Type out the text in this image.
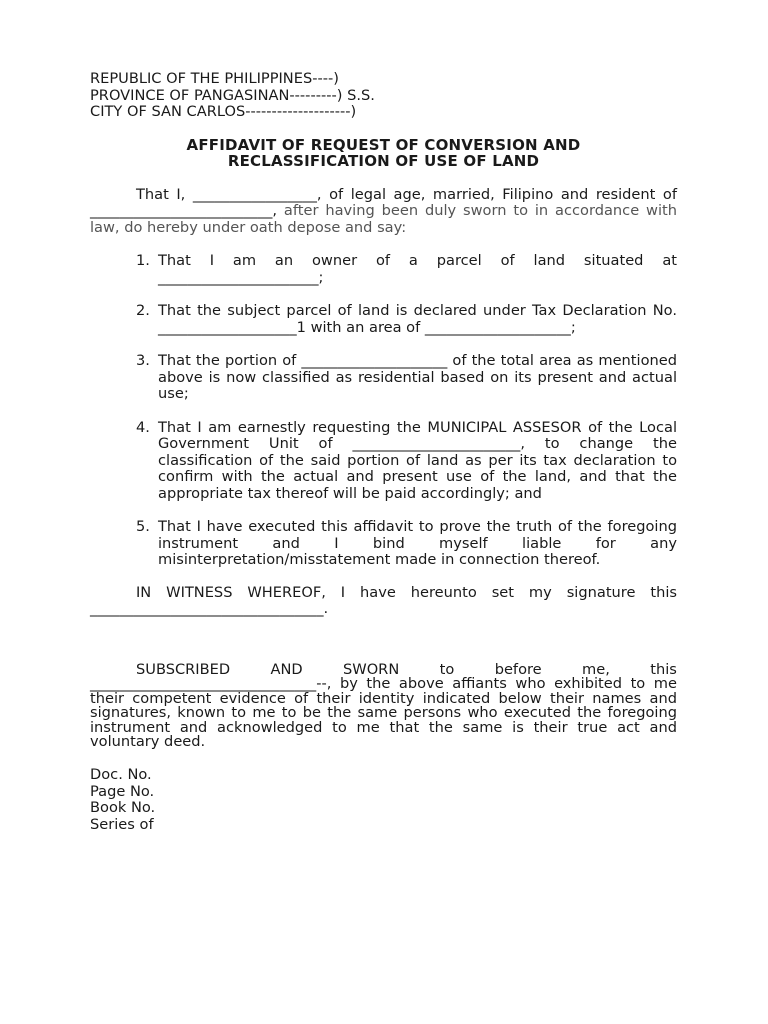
REPUBLIC OF THE PHILIPPINES----)
PROVINCE OF PANGASINAN---------) S.S.
CITY OF SAN CARLOS--------------------)
AFFIDAVIT OF REQUEST OF CONVERSION AND
RECLASSIFICATION OF USE OF LAND
That I, _________________, of legal age, married, Filipino and resident of _________________________, after having been duly sworn to in accordance with law, do hereby under oath depose and say:
1. That I am an owner of a parcel of land situated at ______________________;
2. That the subject parcel of land is declared under Tax Declaration No. ___________________1 with an area of ____________________;
3. That the portion of ____________________ of the total area as mentioned above is now classified as residential based on its present and actual use;
4. That I am earnestly requesting the MUNICIPAL ASSESOR of the Local Government Unit of _______________________, to change the classification of the said portion of land as per its tax declaration to confirm with the actual and present use of the land, and that the appropriate tax thereof will be paid accordingly; and
5. That I have executed this affidavit to prove the truth of the foregoing instrument and I bind myself liable for any misinterpretation/misstatement made in connection thereof.
IN WITNESS WHEREOF, I have hereunto set my signature this
________________________________.
SUBSCRIBED	AND	SWORN	to	before	me,	this
_______________________________--, by the above affiants who exhibited to me their competent evidence of their identity indicated below their names and signatures, known to me to be the same persons who executed the foregoing instrument and acknowledged to me that the same is their true act and voluntary deed.
Doc. No.
Page No.
Book No.
Series of
